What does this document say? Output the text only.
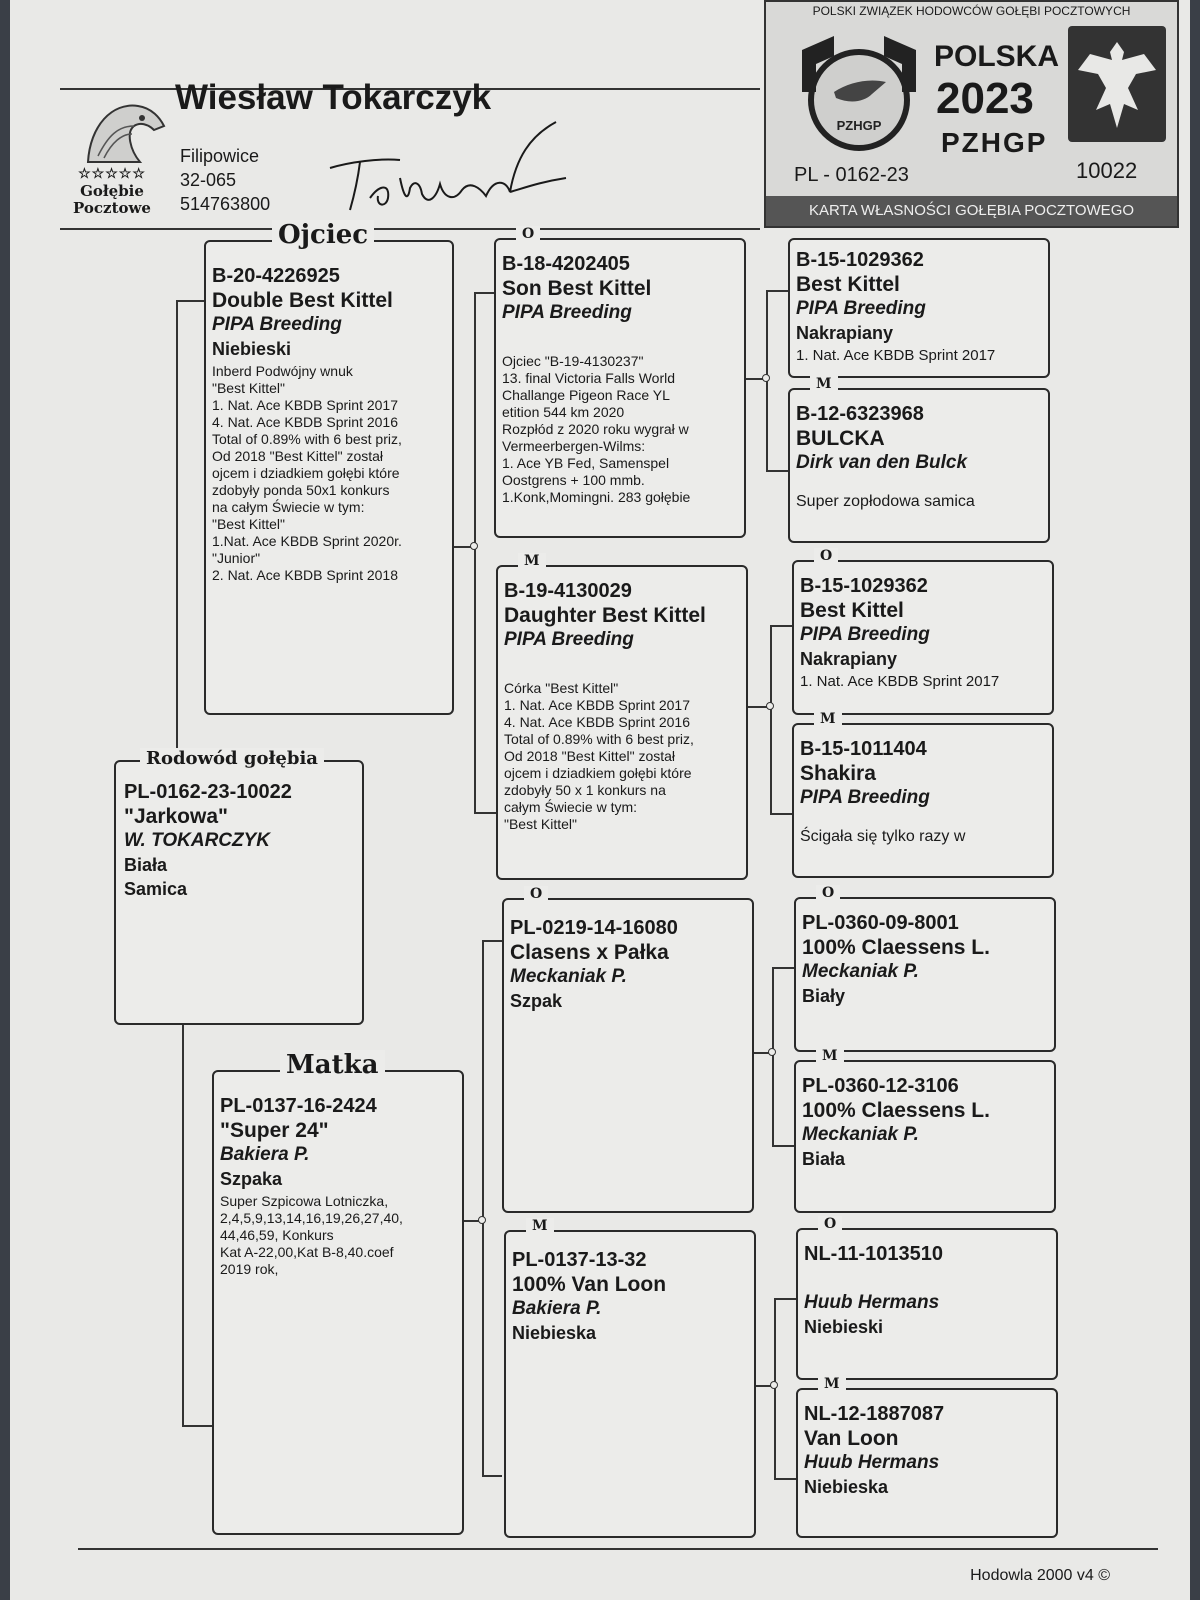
☆☆☆☆☆
Gołębie
Pocztowe
Wiesław Tokarczyk
Filipowice
32-065
514763800
POLSKI ZWIĄZEK HODOWCÓW GOŁĘBI POCZTOWYCH
PZHGP
POLSKA
2023
PZHGP
PL - 0162-23	10022
KARTA WŁASNOŚCI GOŁĘBIA POCZTOWEGO
Rodowód gołębia
PL-0162-23-10022
"Jarkowa"
W. TOKARCZYK
Biała
Samica
Ojciec
B-20-4226925
Double Best Kittel
PIPA Breeding
Niebieski
Inberd Podwójny wnuk
"Best Kittel"
1. Nat. Ace KBDB Sprint 2017
4. Nat. Ace KBDB Sprint 2016
Total of 0.89% with 6 best priz,
Od 2018 "Best Kittel" został
ojcem i dziadkiem gołębi które
zdobyły ponda 50x1 konkurs
na całym Świecie w tym:
"Best Kittel"
1.Nat. Ace KBDB Sprint 2020r.
"Junior"
2. Nat. Ace KBDB Sprint 2018
O
B-18-4202405
Son Best Kittel
PIPA Breeding
Ojciec "B-19-4130237"
13. final Victoria Falls World
Challange Pigeon Race YL
etition 544 km 2020
Rozpłód z 2020 roku wygrał w
Vermeerbergen-Wilms:
1. Ace YB Fed, Samenspel
Oostgrens + 100 mmb.
1.Konk,Momingni. 283 gołębie
M
B-19-4130029
Daughter Best Kittel
PIPA Breeding
Córka "Best Kittel"
1. Nat. Ace KBDB Sprint 2017
4. Nat. Ace KBDB Sprint 2016
Total of 0.89% with 6 best priz,
Od 2018 "Best Kittel" został
ojcem i dziadkiem gołębi które
zdobyły 50 x 1 konkurs na
całym Świecie w tym:
"Best Kittel"
B-15-1029362
Best Kittel
PIPA Breeding
Nakrapiany
1. Nat. Ace KBDB Sprint 2017
M
B-12-6323968
BULCKA
Dirk van den Bulck
Super zopłodowa samica
O
B-15-1029362
Best Kittel
PIPA Breeding
Nakrapiany
1. Nat. Ace KBDB Sprint 2017
M
B-15-1011404
Shakira
PIPA Breeding
Ścigała się tylko razy w
Matka
PL-0137-16-2424
"Super 24"
Bakiera P.
Szpaka
Super Szpicowa Lotniczka,
2,4,5,9,13,14,16,19,26,27,40,
44,46,59, Konkurs
Kat A-22,00,Kat B-8,40.coef
2019 rok,
O
PL-0219-14-16080
Clasens x Pałka
Meckaniak P.
Szpak
M
PL-0137-13-32
100% Van Loon
Bakiera P.
Niebieska
O
PL-0360-09-8001
100% Claessens L.
Meckaniak P.
Biały
M
PL-0360-12-3106
100% Claessens L.
Meckaniak P.
Biała
O
NL-11-1013510
Huub Hermans
Niebieski
M
NL-12-1887087
Van Loon
Huub Hermans
Niebieska
Hodowla 2000 v4 ©
